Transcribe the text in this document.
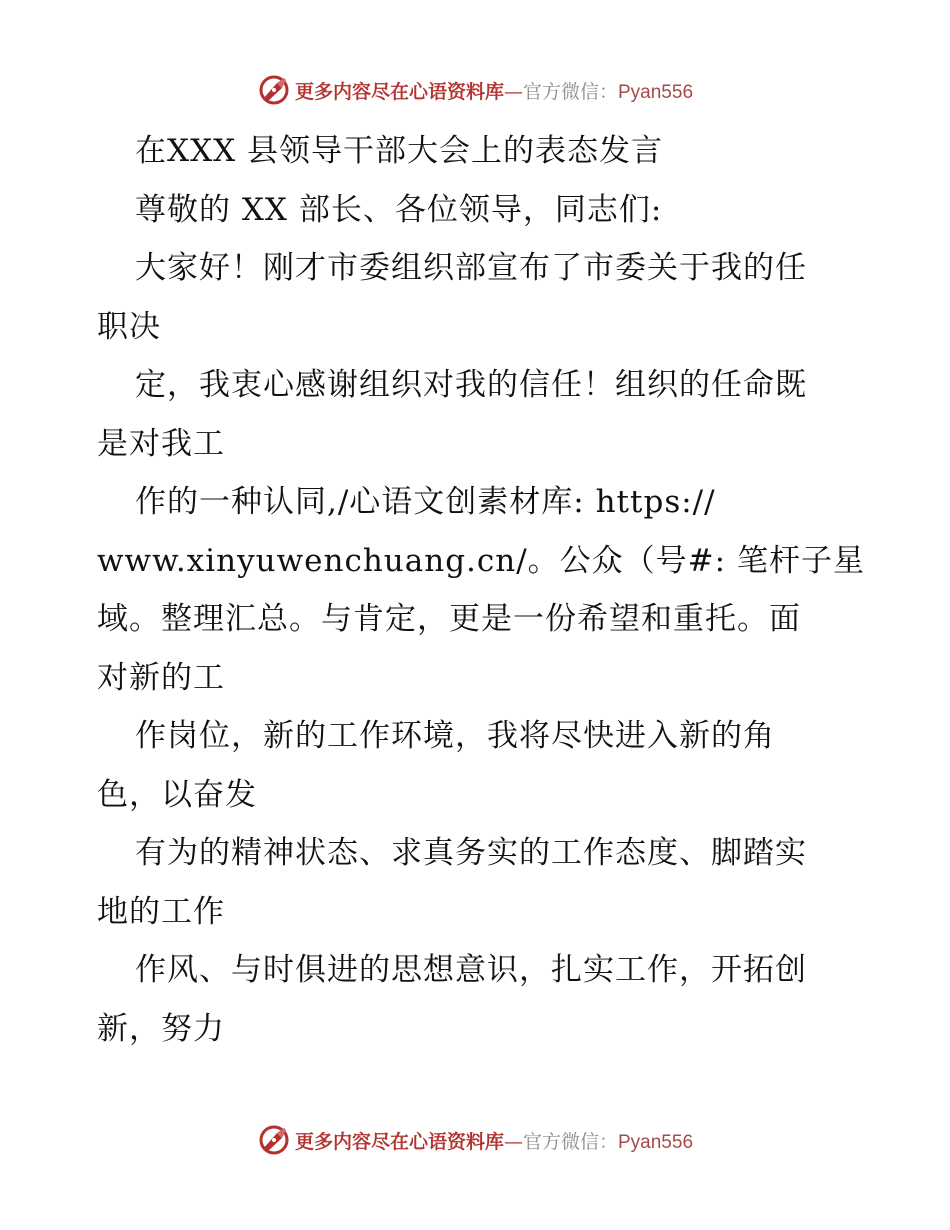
更多内容尽在心语资料库—官方微信：Pyan556
在XXX 县领导干部大会上的表态发言
尊敬的 XX 部长、各位领导，同志们:
大家好！刚才市委组织部宣布了市委关于我的任
职决
定，我衷心感谢组织对我的信任！组织的任命既
是对我工
作的一种认同,/心语文创素材库: https://
www.xinyuwenchuang.cn/。公众（号#: 笔杆子星
域。整理汇总。与肯定，更是一份希望和重托。面
对新的工
作岗位，新的工作环境，我将尽快进入新的角
色，以奋发
有为的精神状态、求真务实的工作态度、脚踏实
地的工作
作风、与时俱进的思想意识，扎实工作，开拓创
新，努力
更多内容尽在心语资料库—官方微信：Pyan556
